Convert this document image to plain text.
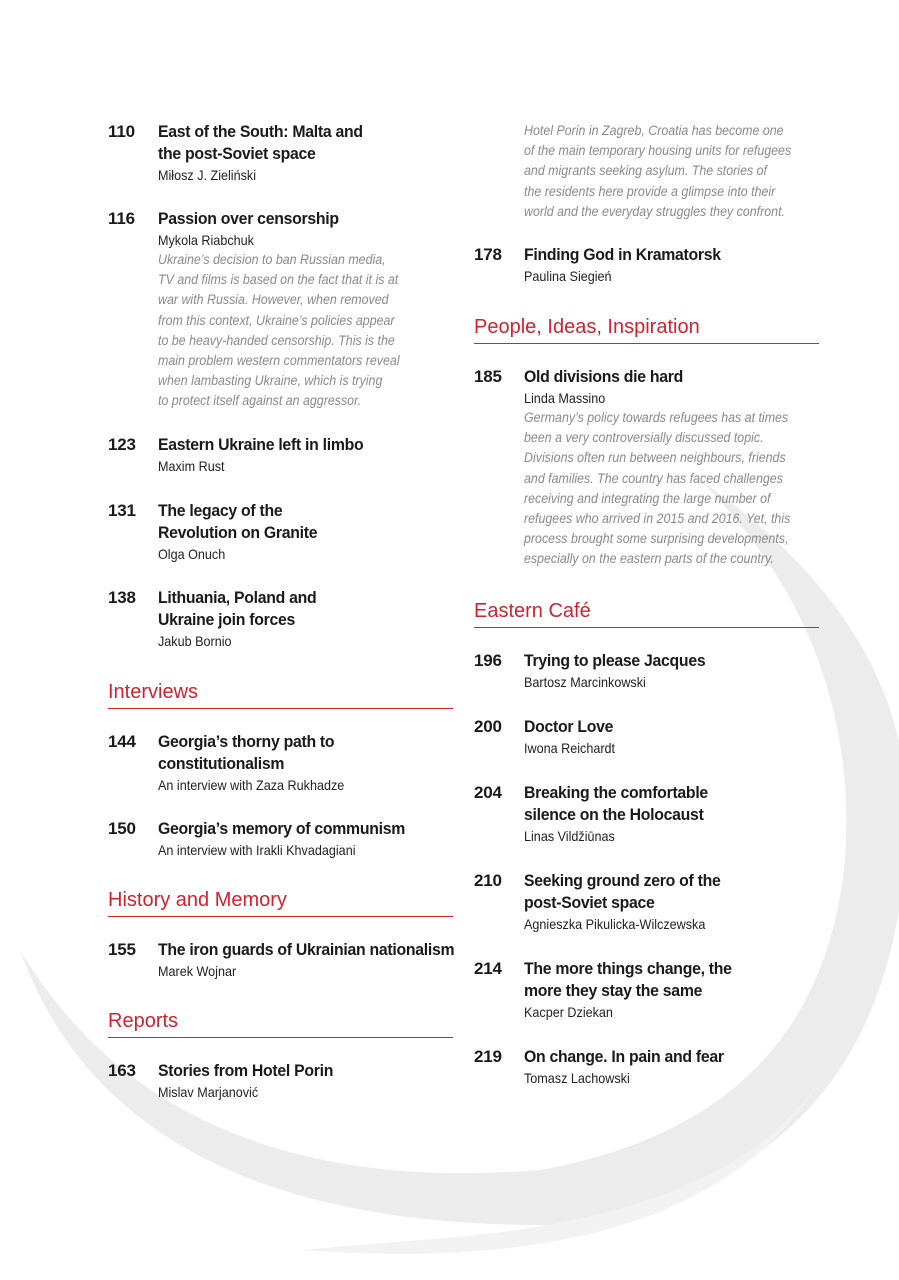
110	East of the South: Malta and
the post-Soviet space
Miłosz J. Zieliński
116	Passion over censorship
Mykola Riabchuk
Ukraine’s decision to ban Russian media,
TV and films is based on the fact that it is at
war with Russia. However, when removed
from this context, Ukraine’s policies appear
to be heavy-handed censorship. This is the
main problem western commentators reveal
when lambasting Ukraine, which is trying
to protect itself against an aggressor.
123	Eastern Ukraine left in limbo
Maxim Rust
131	The legacy of the
Revolution on Granite
Olga Onuch
138	Lithuania, Poland and
Ukraine join forces
Jakub Bornio
Interviews
144	Georgia’s thorny path to
constitutionalism
An interview with Zaza Rukhadze
150	Georgia’s memory of communism
An interview with Irakli Khvadagiani
History and Memory
155	The iron guards of Ukrainian nationalism
Marek Wojnar
Reports
163	Stories from Hotel Porin
Mislav Marjanović
Hotel Porin in Zagreb, Croatia has become one
of the main temporary housing units for refugees
and migrants seeking asylum. The stories of
the residents here provide a glimpse into their
world and the everyday struggles they confront.
178	Finding God in Kramatorsk
Paulina Siegień
People, Ideas, Inspiration
185	Old divisions die hard
Linda Massino
Germany’s policy towards refugees has at times
been a very controversially discussed topic.
Divisions often run between neighbours, friends
and families. The country has faced challenges
receiving and integrating the large number of
refugees who arrived in 2015 and 2016. Yet, this
process brought some surprising developments,
especially on the eastern parts of the country.
Eastern Café
196	Trying to please Jacques
Bartosz Marcinkowski
200	Doctor Love
Iwona Reichardt
204	Breaking the comfortable
silence on the Holocaust
Linas Vildžiūnas
210	Seeking ground zero of the
post-Soviet space
Agnieszka Pikulicka-Wilczewska
214	The more things change, the
more they stay the same
Kacper Dziekan
219	On change. In pain and fear
Tomasz Lachowski
